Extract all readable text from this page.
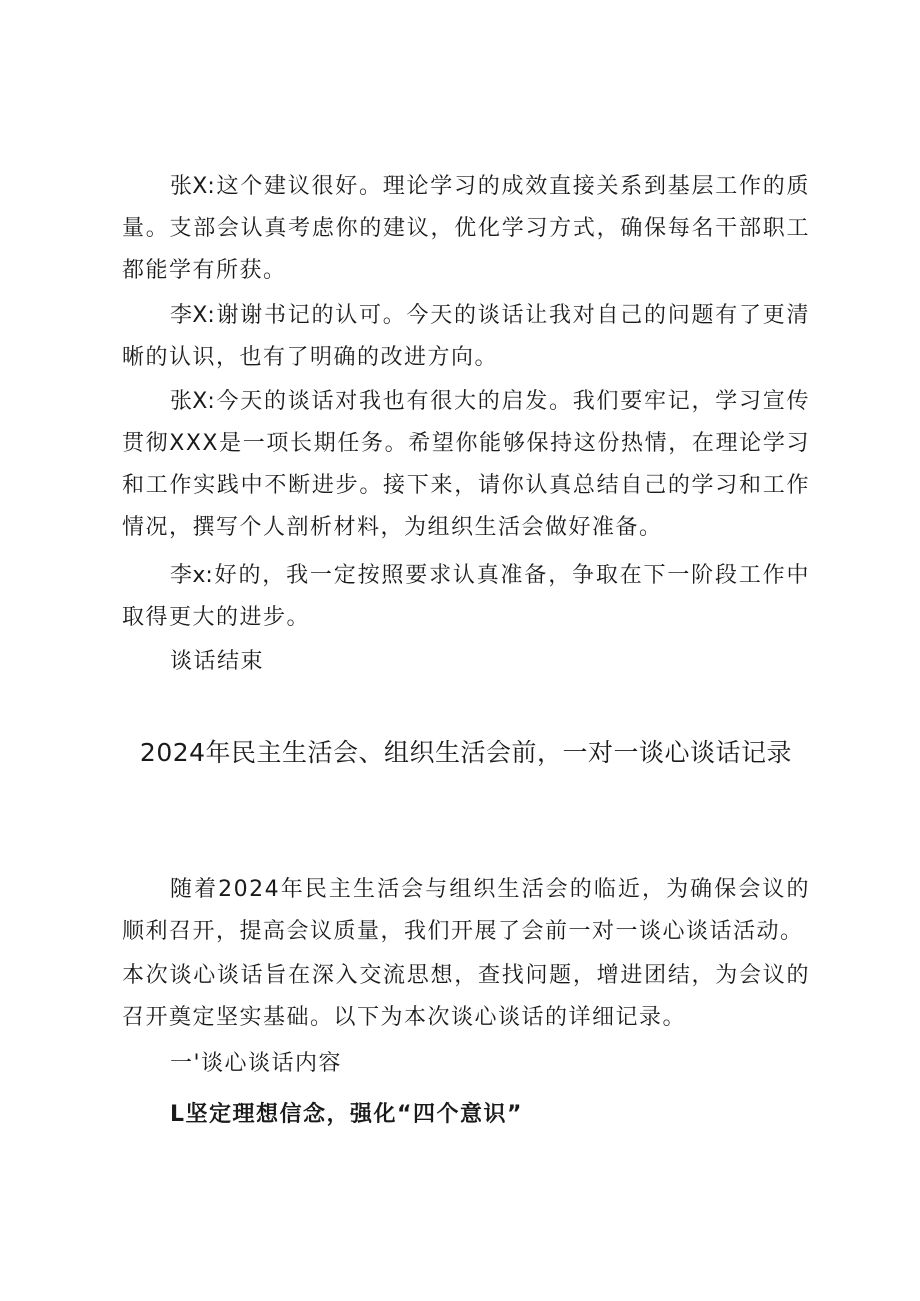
张X:这个建议很好。理论学习的成效直接关系到基层工作的质量。支部会认真考虑你的建议，优化学习方式，确保每名干部职工都能学有所获。
李X:谢谢书记的认可。今天的谈话让我对自己的问题有了更清晰的认识，也有了明确的改进方向。
张X:今天的谈话对我也有很大的启发。我们要牢记，学习宣传贯彻XXX是一项长期任务。希望你能够保持这份热情，在理论学习和工作实践中不断进步。接下来，请你认真总结自己的学习和工作情况，撰写个人剖析材料，为组织生活会做好准备。
李x:好的，我一定按照要求认真准备，争取在下一阶段工作中取得更大的进步。
谈话结束
2024年民主生活会、组织生活会前，一对一谈心谈话记录
随着2024年民主生活会与组织生活会的临近，为确保会议的顺利召开，提高会议质量，我们开展了会前一对一谈心谈话活动。
本次谈心谈话旨在深入交流思想，查找问题，增进团结，为会议的召开奠定坚实基础。以下为本次谈心谈话的详细记录。
一'谈心谈话内容
L坚定理想信念，强化“四个意识”
